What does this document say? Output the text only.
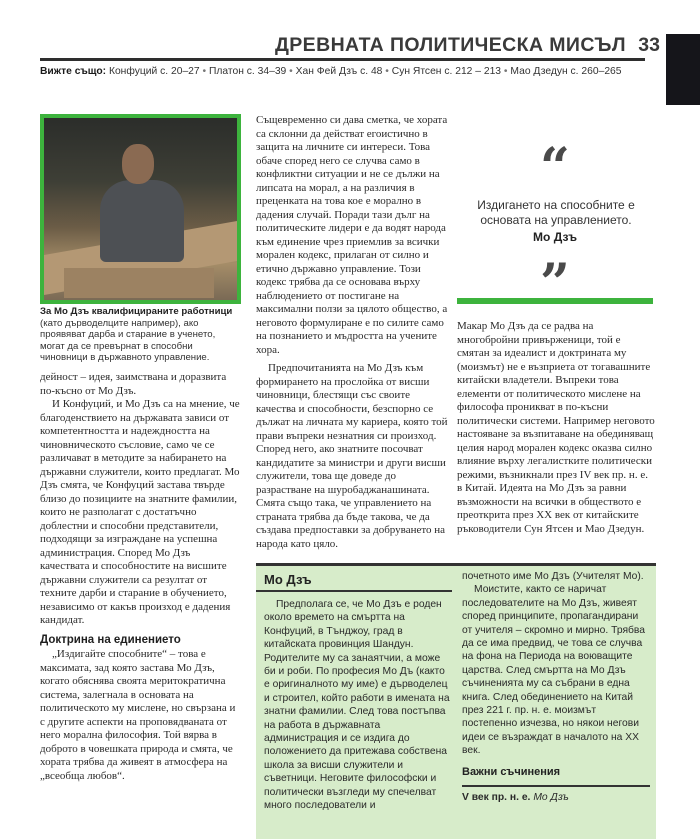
ДРЕВНАТА ПОЛИТИЧЕСКА МИСЪЛ 33
Вижте също: Конфуций с. 20–27 • Платон с. 34–39 • Хан Фей Дзъ с. 48 • Сун Ятсен с. 212 – 213 • Мао Дзедун с. 260–265
За Мо Дзъ квалифицираните работници (като дърводелците например), ако проявяват дарба и старание в ученето, могат да се превърнат в способни чиновници в държавното управление.

дейност – идея, заимствана и доразвита по-късно от Мо Дзъ.

И Конфуций, и Мо Дзъ са на мнение, че благоденствието на държавата зависи от компетентността и надеждността на чиновническото съсловие, само че се различават в методите за набирането на държавни служители, които предлагат. Мо Дзъ смята, че Конфуций заставa твърде близо до позициите на знатните фамилии, които не разполагат с достатъчно доблестни и способни представители, подходящи за изграждане на успешна администрация. Според Мо Дзъ качествата и способностите на висшите държавни служители са резултат от техните дарби и старание в обучението, независимо от какъв произход е дадения кандидат.

Доктрина на единението

„Издигайте способните“ – това е максимата, зад която застава Мо Дзъ, когато обяснява своята меритократична система, залегнала в основата на политическото му мислене, но свързана и с другите аспекти на проповядваната от него морална философия. Той вярва в доброто в човешката природа и смята, че хората трябва да живеят в атмосфера на „всеобща любов“.

Същевременно си дава сметка, че хората са склонни да действат егоистично в защита на личните си интереси. Това обаче според него се случва само в конфликтни ситуации и не се дължи на липсата на морал, а на различия в преценката на това кое е морално в дадения случай. Поради тази дълг на политическите лидери е да водят народа към единение чрез приемлив за всички морален кодекс, прилаган от силно и етично държавно управление. Този кодекс трябва да се основава върху наблюдението от постигане на максимални ползи за цялото общество, а неговото формулиране е по силите само на познанието и мъдростта на учените хора.

Предпочитанията на Мо Дзъ към формирането на прослойка от висши чиновници, блестящи със своите качества и способности, безспорно се дължат на личната му кариера, която той прави въпреки незнатния си произход. Според него, ако знатните посочват кандидатите за министри и други висши служители, това ще доведе до разрастване на шуробаджанашината. Смята също така, че управлението на страната трябва да бъде такова, че да създава предпоставки за добруването на народа като цяло.

“
Издигането на способните е основата на управлението.
Мо Дзъ
”

Макар Мо Дзъ да се радва на многобройни привърженици, той е смятан за идеалист и доктрината му (моизмът) не е възприета от тогавашните китайски владетели. Въпреки това елементи от политическото мислене на философа проникват в по-късни политически системи. Например неговото настояване за възпитаване на обединяващ целия народ морален кодекс оказва силно влияние върху легалистките политически режими, възникнали през IV век пр. н. е. в Китай. Идеята на Мо Дзъ за равни възможности на всички в обществото е преоткрита през XX век от китайските ръководители Сун Ятсен и Мао Дзедун.

Мо Дзъ

Предполага се, че Мо Дзъ е роден около времето на смъртта на Конфуций, в Тънджоу, град в китайската провинция Шандун. Родителите му са занаятчии, а може би и роби. По професия Мо Дъ (както е оригиналното му име) е дърводелец и строител, който работи в имената на знатни фамилии. След това постъпва на работа в държавната администрация и се издига до положението да притежава собствена школа за висши служители и съветници. Неговите философски и политически възгледи му спечелват много последователи и

почетното име Мо Дзъ (Учителят Мо).

Моистите, както се наричат последователите на Мо Дзъ, живеят според принципите, пропагандирани от учителя – скромно и мирно. Трябва да се има предвид, че това се случва на фона на Периода на воюващите царства. След смъртта на Мо Дзъ съчиненията му са събрани в една книга. След обединението на Китай през 221 г. пр. н. е. моизмът постепенно изчезва, но някои негови идеи се възраждат в началото на XX век.

Важни съчинения
V век пр. н. е. Мо Дзъ
